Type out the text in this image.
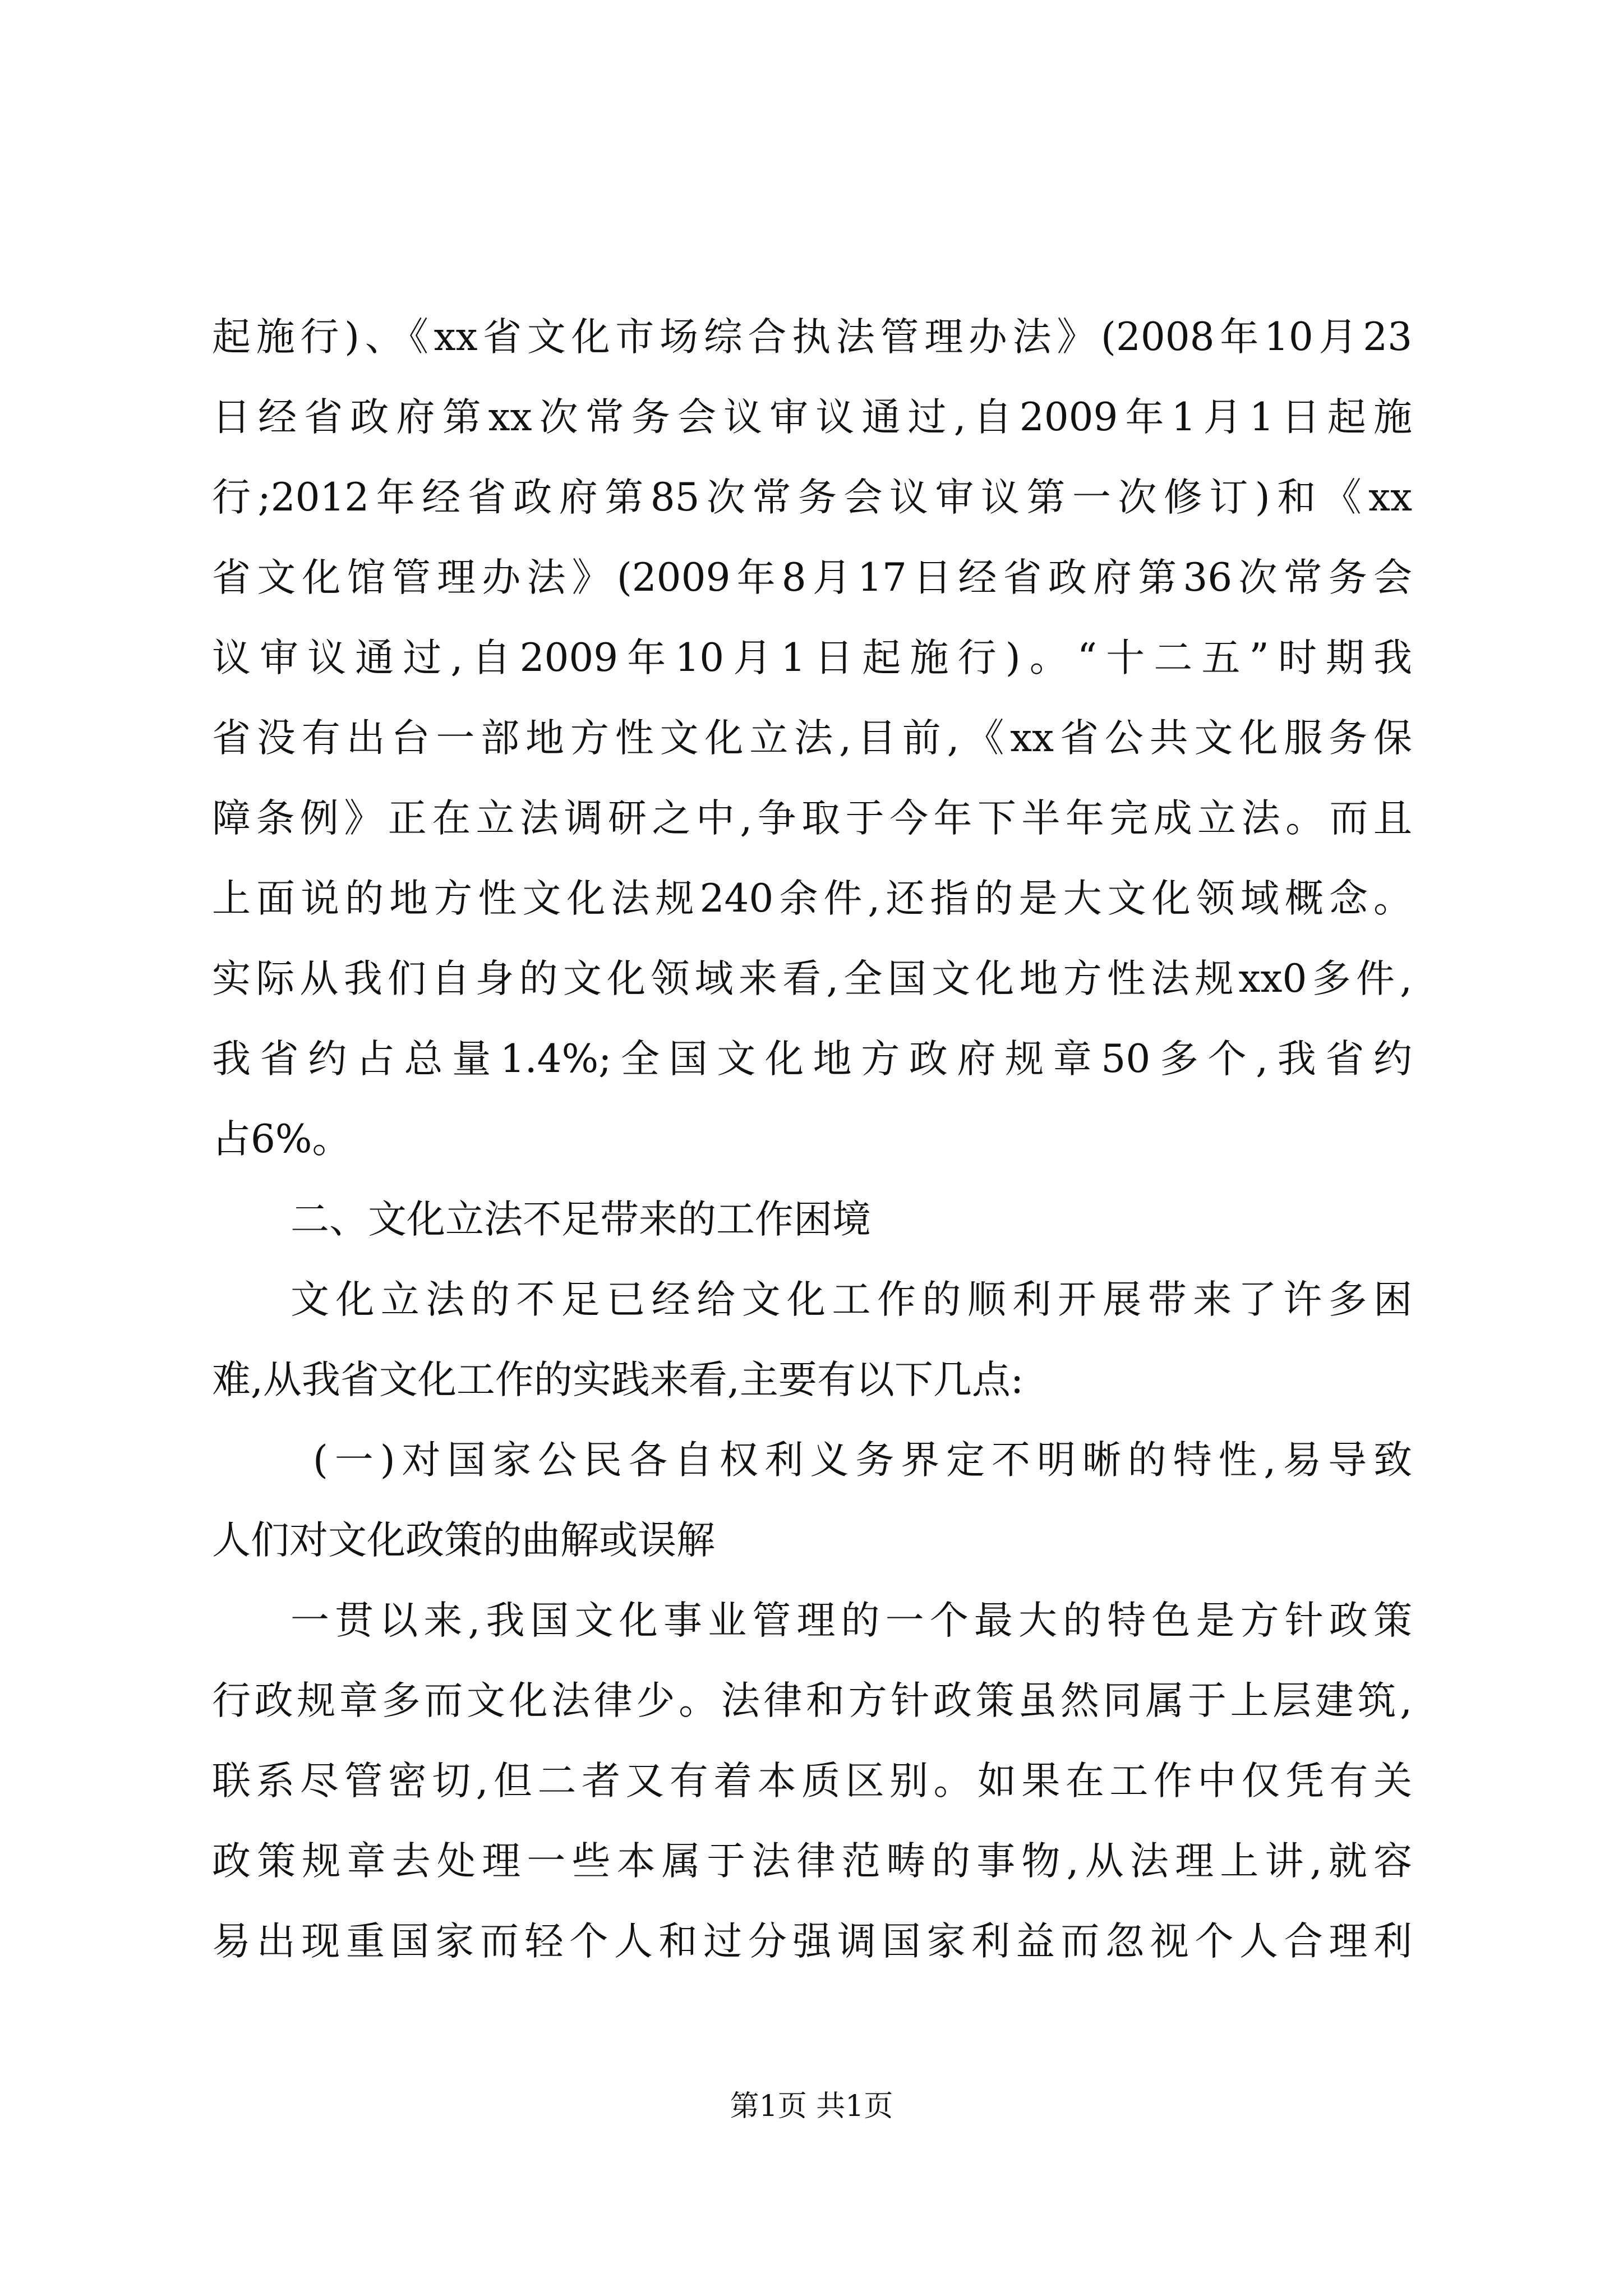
起施行)、《xx省文化市场综合执法管理办法》(2008年10月23
日经省政府第xx次常务会议审议通过,自2009年1月1日起施
行;2012年经省政府第85次常务会议审议第一次修订)和《xx
省文化馆管理办法》(2009年8月17日经省政府第36次常务会
议审议通过,自2009年10月1日起施行)。“十二五”时期我
省没有出台一部地方性文化立法,目前,《xx省公共文化服务保
障条例》正在立法调研之中,争取于今年下半年完成立法。而且
上面说的地方性文化法规240余件,还指的是大文化领域概念。
实际从我们自身的文化领域来看,全国文化地方性法规xx0多件,
我省约占总量1.4%;全国文化地方政府规章50多个,我省约
占6%。
二、文化立法不足带来的工作困境
文化立法的不足已经给文化工作的顺利开展带来了许多困
难,从我省文化工作的实践来看,主要有以下几点:
(一)对国家公民各自权利义务界定不明晰的特性,易导致
人们对文化政策的曲解或误解
一贯以来,我国文化事业管理的一个最大的特色是方针政策
行政规章多而文化法律少。法律和方针政策虽然同属于上层建筑,
联系尽管密切,但二者又有着本质区别。如果在工作中仅凭有关
政策规章去处理一些本属于法律范畴的事物,从法理上讲,就容
易出现重国家而轻个人和过分强调国家利益而忽视个人合理利
第1页 共1页
